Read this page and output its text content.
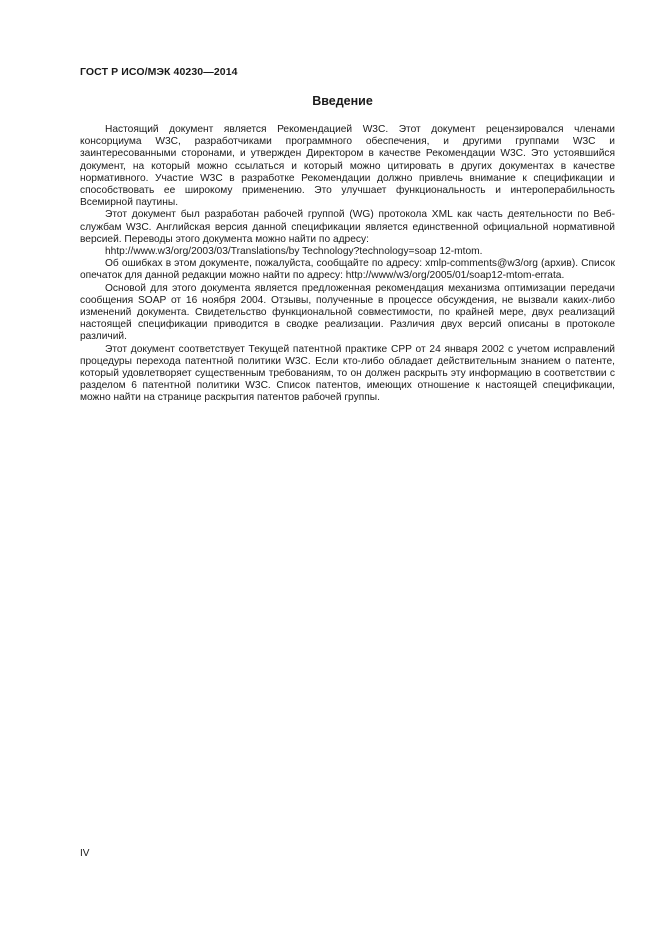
ГОСТ Р ИСО/МЭК 40230—2014
Введение

Настоящий документ является Рекомендацией W3C. Этот документ рецензировался членами консорциума W3C, разработчиками программного обеспечения, и другими группами W3C и заинтересованными сторонами, и утвержден Директором в качестве Рекомендации W3C. Это устоявшийся документ, на который можно ссылаться и который можно цитировать в других документах в качестве нормативного. Участие W3C в разработке Рекомендации должно привлечь внимание к спецификации и способствовать ее широкому применению. Это улучшает функциональность и интероперабильность Всемирной паутины.

Этот документ был разработан рабочей группой (WG) протокола XML как часть деятельности по Веб-службам W3C. Английская версия данной спецификации является единственной официальной нормативной версией. Переводы этого документа можно найти по адресу:

hhtp://www.w3/org/2003/03/Translations/by Technology?technology=soap 12-mtom.

Об ошибках в этом документе, пожалуйста, сообщайте по адресу: xmlp-comments@w3/org (архив). Список опечаток для данной редакции можно найти по адресу: http://www/w3/org/2005/01/soap12-mtom-errata.

Основой для этого документа является предложенная рекомендация механизма оптимизации передачи сообщения SOAP от 16 ноября 2004. Отзывы, полученные в процессе обсуждения, не вызвали каких-либо изменений документа. Свидетельство функциональной совместимости, по крайней мере, двух реализаций настоящей спецификации приводится в сводке реализации. Различия двух версий описаны в протоколе различий.

Этот документ соответствует Текущей патентной практике CPP от 24 января 2002 с учетом исправлений процедуры перехода патентной политики W3C. Если кто-либо обладает действительным знанием о патенте, который удовлетворяет существенным требованиям, то он должен раскрыть эту информацию в соответствии с разделом 6 патентной политики W3C. Список патентов, имеющих отношение к настоящей спецификации, можно найти на странице раскрытия патентов рабочей группы.

IV
